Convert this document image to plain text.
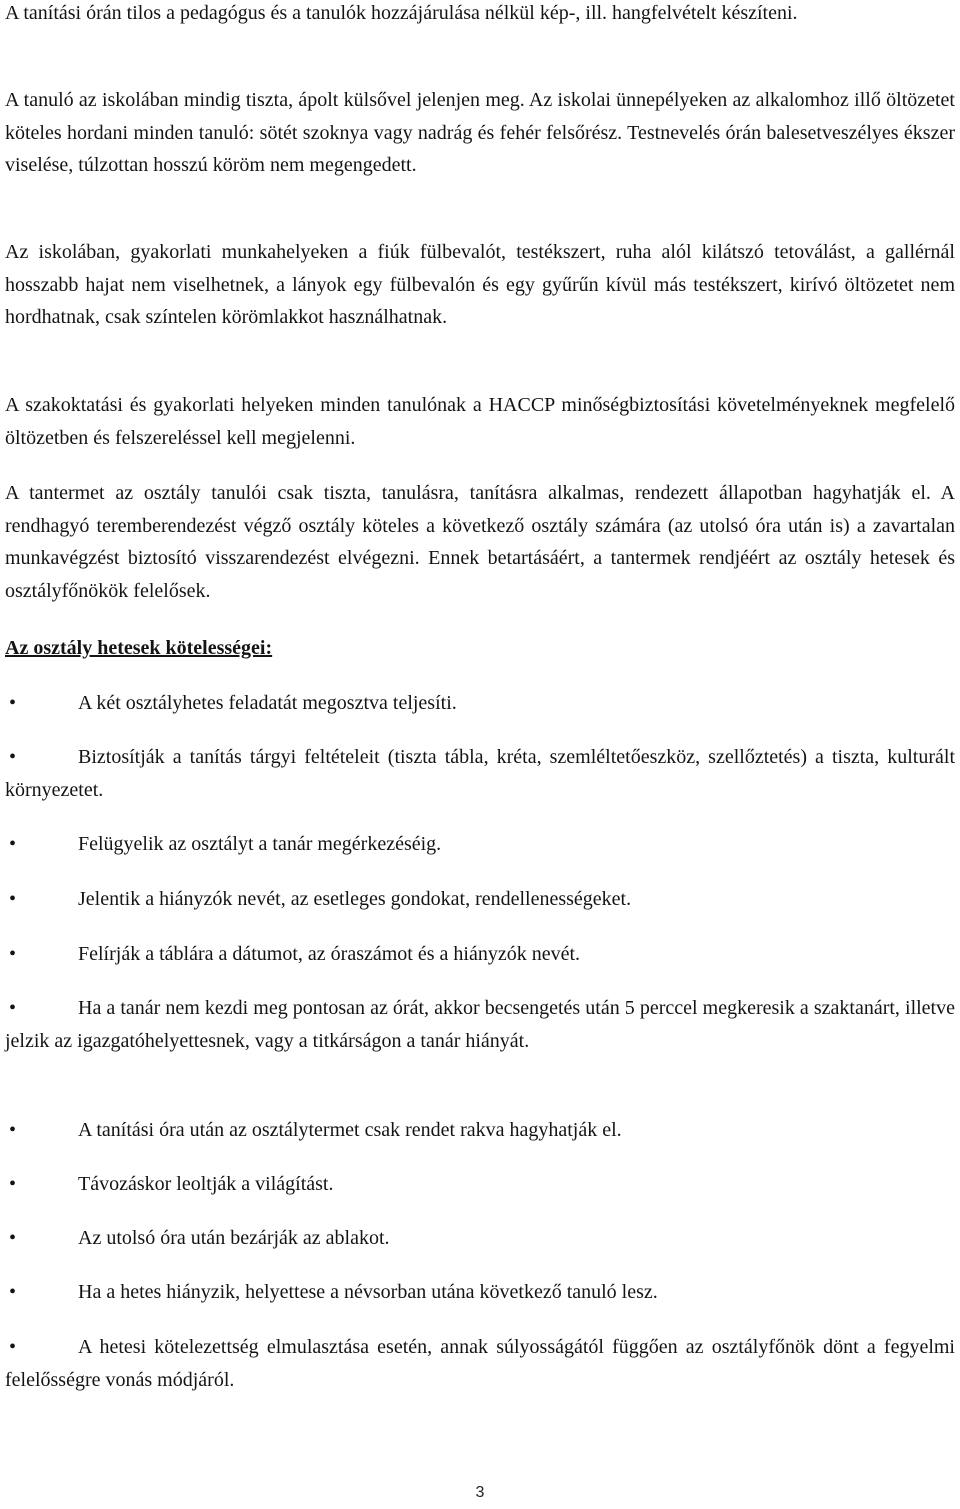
A tanítási órán tilos a pedagógus és a tanulók hozzájárulása nélkül kép-, ill. hangfelvételt készíteni.

A tanuló az iskolában mindig tiszta, ápolt külsővel jelenjen meg. Az iskolai ünnepélyeken az alkalomhoz illő öltözetet köteles hordani minden tanuló: sötét szoknya vagy nadrág és fehér felsőrész. Testnevelés órán balesetveszélyes ékszer viselése, túlzottan hosszú köröm nem megengedett.

Az iskolában, gyakorlati munkahelyeken a fiúk fülbevalót, testékszert, ruha alól kilátszó tetoválást, a gallérnál hosszabb hajat nem viselhetnek, a lányok egy fülbevalón és egy gyűrűn kívül más testékszert, kirívó öltözetet nem hordhatnak, csak színtelen körömlakkot használhatnak.

A szakoktatási és gyakorlati helyeken minden tanulónak a HACCP minőségbiztosítási követelményeknek megfelelő öltözetben és felszereléssel kell megjelenni.

A tantermet az osztály tanulói csak tiszta, tanulásra, tanításra alkalmas, rendezett állapotban hagyhatják el. A rendhagyó teremberendezést végző osztály köteles a következő osztály számára (az utolsó óra után is) a zavartalan munkavégzést biztosító visszarendezést elvégezni. Ennek betartásáért, a tantermek rendjéért az osztály hetesek és osztályfőnökök felelősek.

Az osztály hetesek kötelességei:

•	A két osztályhetes feladatát megosztva teljesíti.
•	Biztosítják a tanítás tárgyi feltételeit (tiszta tábla, kréta, szemléltetőeszköz, szellőztetés) a tiszta, kulturált környezetet.
•	Felügyelik az osztályt a tanár megérkezéséig.
•	Jelentik a hiányzók nevét, az esetleges gondokat, rendellenességeket.
•	Felírják a táblára a dátumot, az óraszámot és a hiányzók nevét.
•	Ha a tanár nem kezdi meg pontosan az órát, akkor becsengetés után 5 perccel megkeresik a szaktanárt, illetve jelzik az igazgatóhelyettesnek, vagy a titkárságon a tanár hiányát.
•	A tanítási óra után az osztálytermet csak rendet rakva hagyhatják el.
•	Távozáskor leoltják a világítást.
•	Az utolsó óra után bezárják az ablakot.
•	Ha a hetes hiányzik, helyettese a névsorban utána következő tanuló lesz.
•	A hetesi kötelezettség elmulasztása esetén, annak súlyosságától függően az osztályfőnök dönt a fegyelmi felelősségre vonás módjáról.
3
